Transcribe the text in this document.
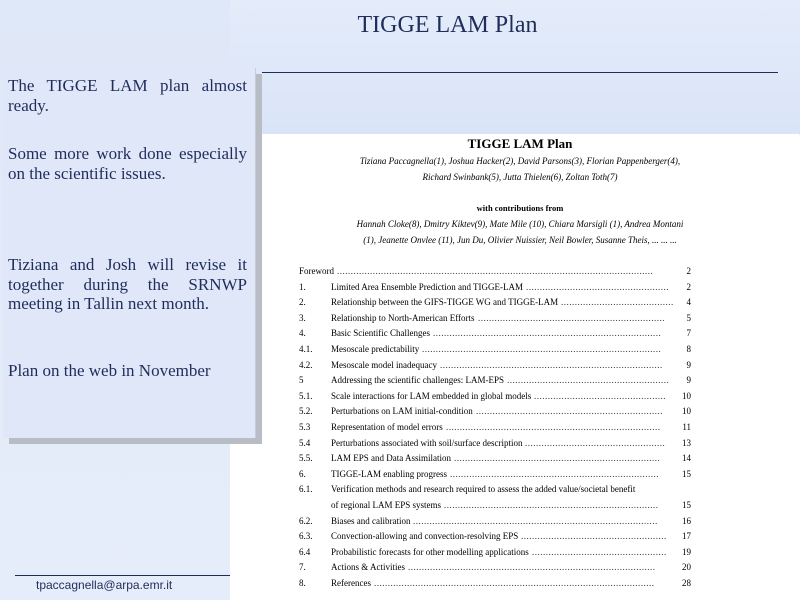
TIGGE LAM Plan
The TIGGE LAM plan almost ready.
Some more work done especially on the scientific issues.
Tiziana and Josh will revise it together during the SRNWP meeting in Tallin next month.
Plan on the web in November
TIGGE LAM Plan
Tiziana Paccagnella(1), Joshua Hacker(2), David Parsons(3), Florian Pappenberger(4),
Richard Swinbank(5), Jutta Thielen(6), Zoltan Toth(7)
with contributions from
Hannah Cloke(8), Dmitry Kiktev(9), Mate Mile (10), Chiara Marsigli (1), Andrea Montani
(1), Jeanette Onvlee (11), Jun Du, Olivier Nuissier, Neil Bowler, Susanne Theis, ... ... ...
Foreword ...................................................................................................................	2
1.	Limited Area Ensemble Prediction and TIGGE-LAM ....................................................	2
2.	Relationship between the GIFS-TIGGE WG and TIGGE-LAM .........................................	4
3.	Relationship to North-American Efforts ....................................................................	5
4.	Basic Scientific Challenges ...................................................................................	7
4.1. Mesoscale predictability .......................................................................................	8
4.2. Mesoscale model inadequacy .................................................................................	9
5	Addressing the scientific challenges: LAM-EPS ...........................................................	9
5.1. Scale interactions for LAM embedded in global models ................................................	10
5.2. Perturbations on LAM initial-condition ....................................................................	10
5.3 Representation of model errors ..............................................................................	11
5.4 Perturbations associated with soil/surface description ...................................................	13
5.5. LAM EPS and Data Assimilation ...........................................................................	14
6.	TIGGE-LAM enabling progress ............................................................................	15
6.1. Verification methods and research required to assess the added value/societal benefit
of regional LAM EPS systems ..............................................................................	15
6.2. Biases and calibration .........................................................................................	16
6.3. Convection-allowing and convection-resolving EPS .....................................................	17
6.4 Probabilistic forecasts for other modelling applications .................................................	19
7.	Actions & Activities ..........................................................................................	20
8.	References ......................................................................................................	28
tpaccagnella@arpa.emr.it
